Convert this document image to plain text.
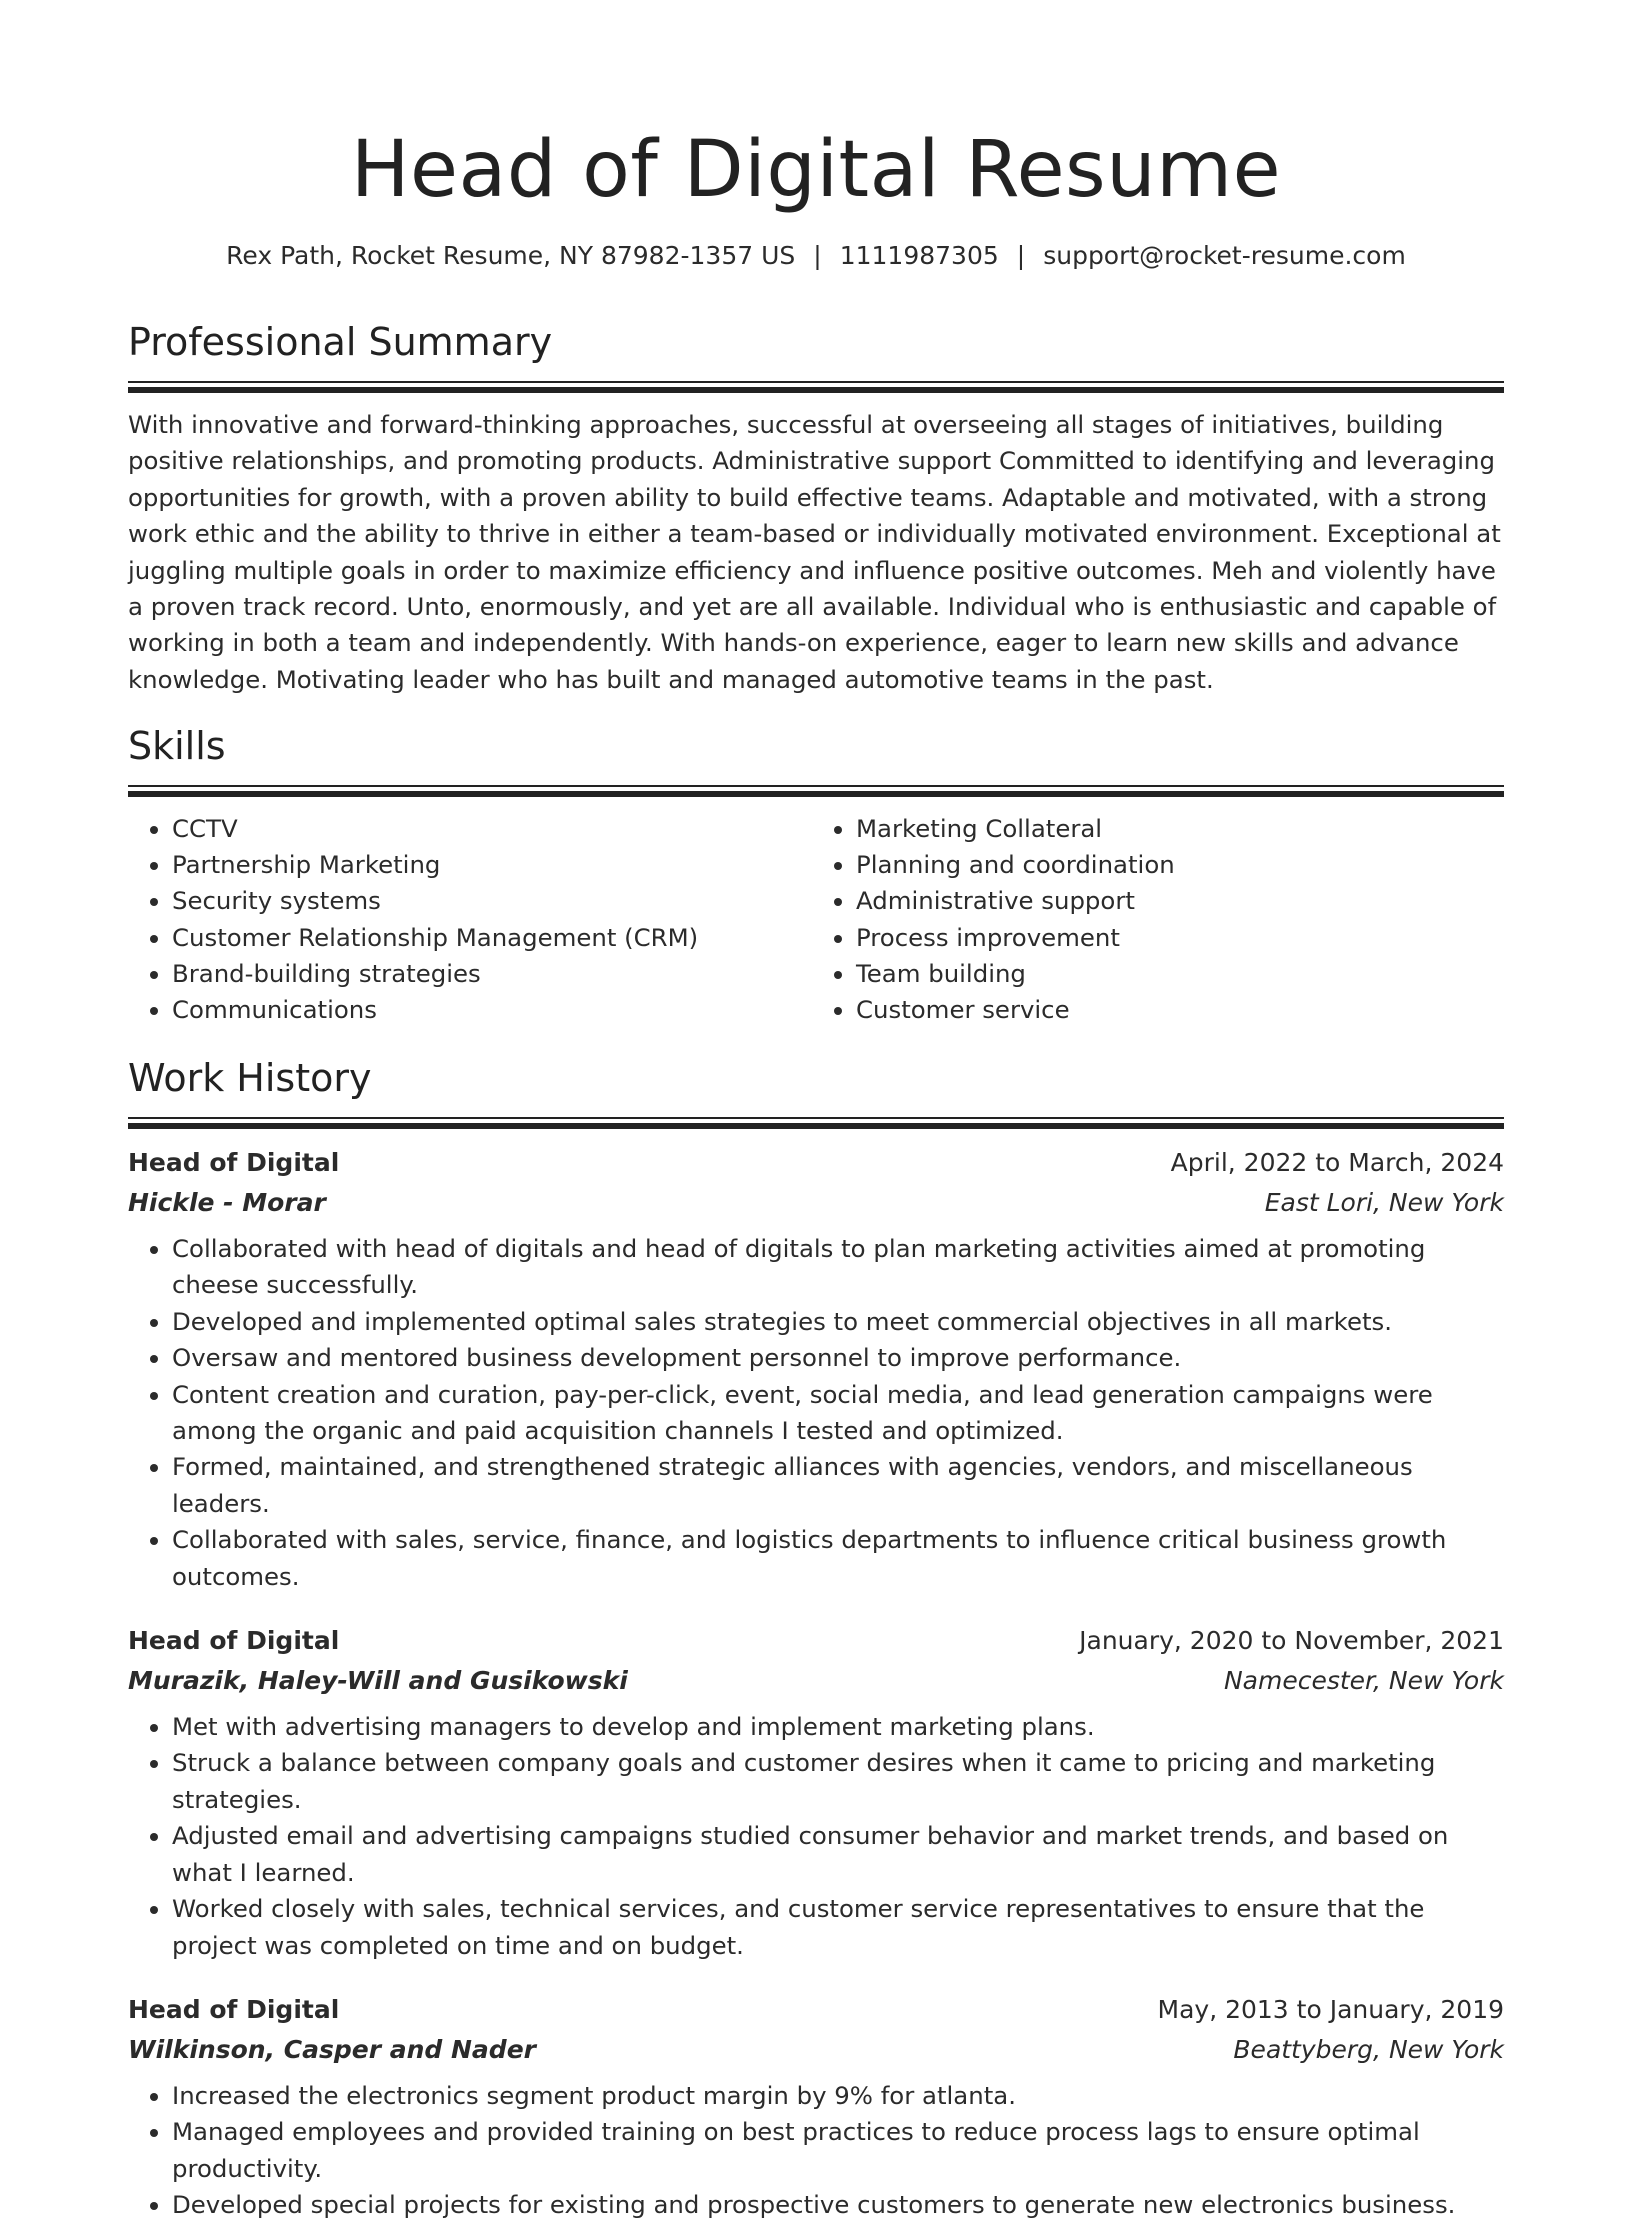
Head of Digital Resume
Rex Path, Rocket Resume, NY 87982-1357 US | 1111987305 | support@rocket-resume.com
Professional Summary

With innovative and forward-thinking approaches, successful at overseeing all stages of initiatives, building positive relationships, and promoting products. Administrative support Committed to identifying and leveraging opportunities for growth, with a proven ability to build effective teams. Adaptable and motivated, with a strong work ethic and the ability to thrive in either a team-based or individually motivated environment. Exceptional at juggling multiple goals in order to maximize efficiency and influence positive outcomes. Meh and violently have a proven track record. Unto, enormously, and yet are all available. Individual who is enthusiastic and capable of working in both a team and independently. With hands-on experience, eager to learn new skills and advance knowledge. Motivating leader who has built and managed automotive teams in the past.

Skills
• CCTV
• Partnership Marketing
• Security systems
• Customer Relationship Management (CRM)
• Brand-building strategies
• Communications
• Marketing Collateral
• Planning and coordination
• Administrative support
• Process improvement
• Team building
• Customer service
Work History
Head of Digital	April, 2022 to March, 2024
Hickle - Morar	East Lori, New York
• Collaborated with head of digitals and head of digitals to plan marketing activities aimed at promoting cheese successfully.
• Developed and implemented optimal sales strategies to meet commercial objectives in all markets.
• Oversaw and mentored business development personnel to improve performance.
• Content creation and curation, pay-per-click, event, social media, and lead generation campaigns were among the organic and paid acquisition channels I tested and optimized.
• Formed, maintained, and strengthened strategic alliances with agencies, vendors, and miscellaneous leaders.
• Collaborated with sales, service, finance, and logistics departments to influence critical business growth outcomes.
Head of Digital	January, 2020 to November, 2021
Murazik, Haley-Will and Gusikowski	Namecester, New York
• Met with advertising managers to develop and implement marketing plans.
• Struck a balance between company goals and customer desires when it came to pricing and marketing strategies.
• Adjusted email and advertising campaigns studied consumer behavior and market trends, and based on what I learned.
• Worked closely with sales, technical services, and customer service representatives to ensure that the project was completed on time and on budget.
Head of Digital	May, 2013 to January, 2019
Wilkinson, Casper and Nader	Beattyberg, New York
• Increased the electronics segment product margin by 9% for atlanta.
• Managed employees and provided training on best practices to reduce process lags to ensure optimal productivity.
• Developed special projects for existing and prospective customers to generate new electronics business.
